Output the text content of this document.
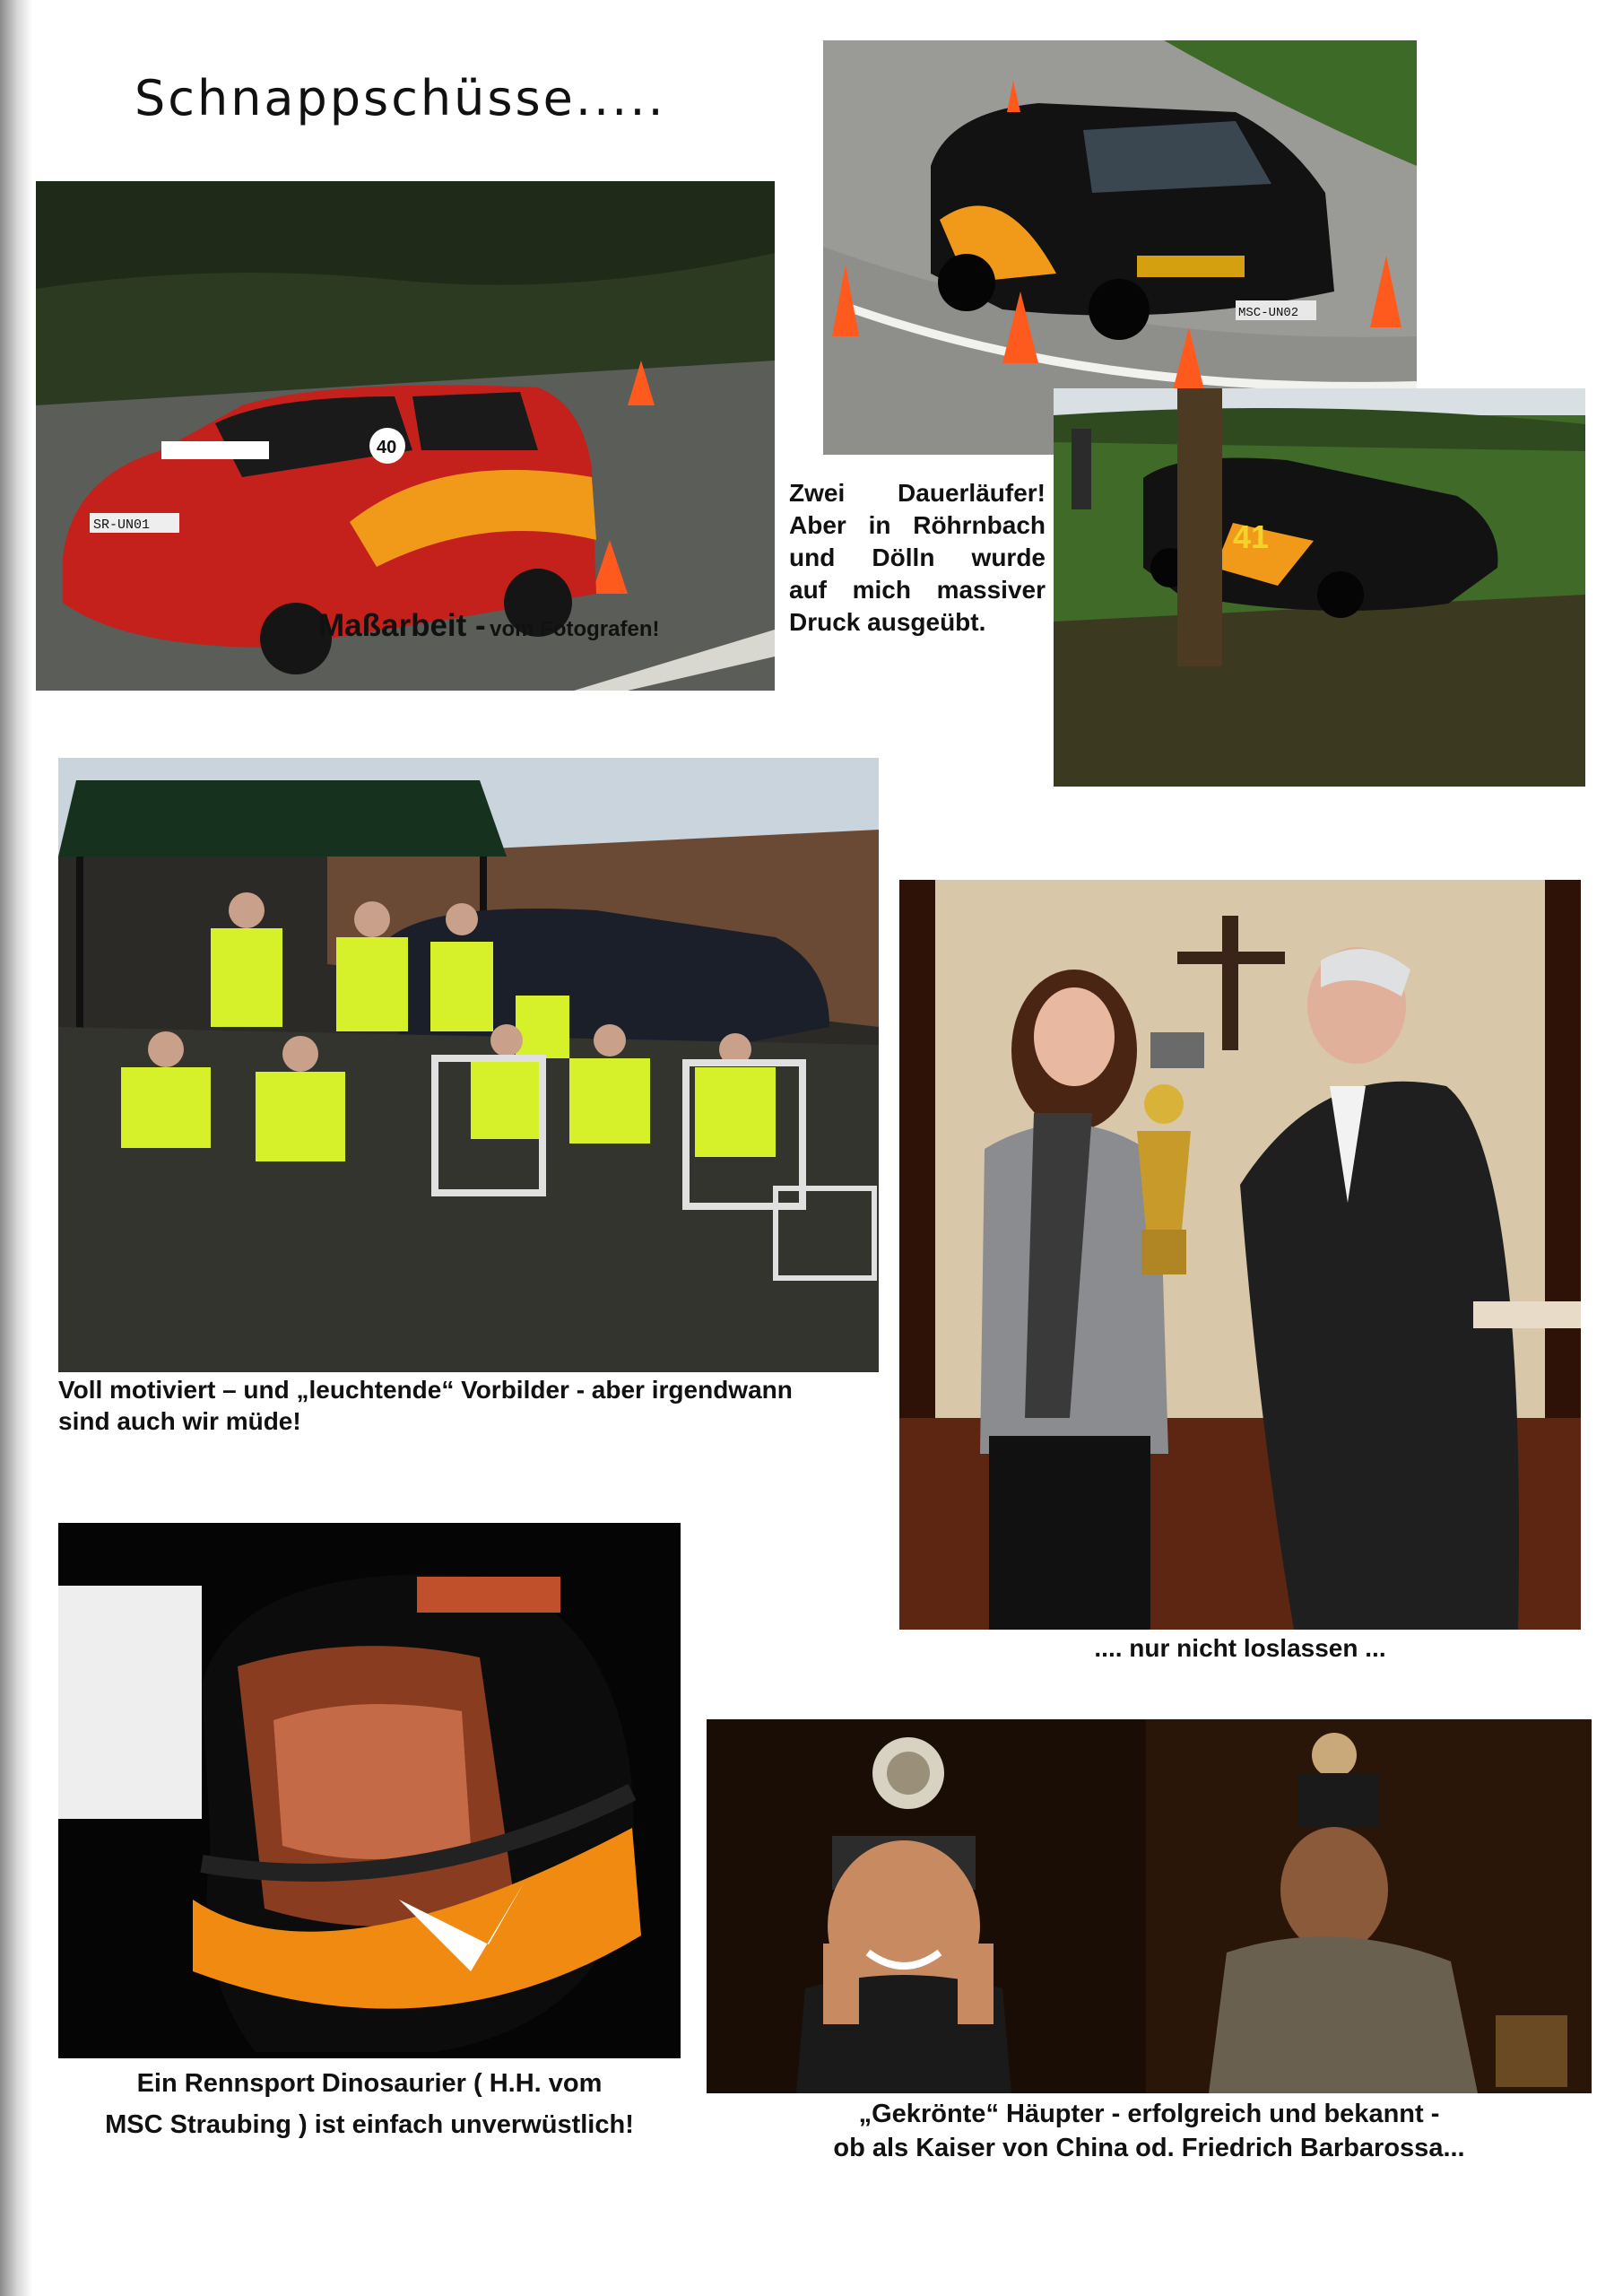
Schnappschüsse.....
40
SR-UN01
Maßarbeit - vom Fotografen!
MSC-UN02
41
Zwei Dauerläufer!
Aber in Röhrnbach
und Dölln wurde
auf mich massiver
Druck ausgeübt.
Voll motiviert – und „leuchtende“ Vorbilder - aber irgendwann
sind auch wir müde!
.... nur nicht loslassen ...
Ein Rennsport Dinosaurier ( H.H. vom
MSC Straubing ) ist einfach unverwüstlich!	„Gekrönte“ Häupter - erfolgreich und bekannt -
ob als Kaiser von China od. Friedrich Barbarossa...
